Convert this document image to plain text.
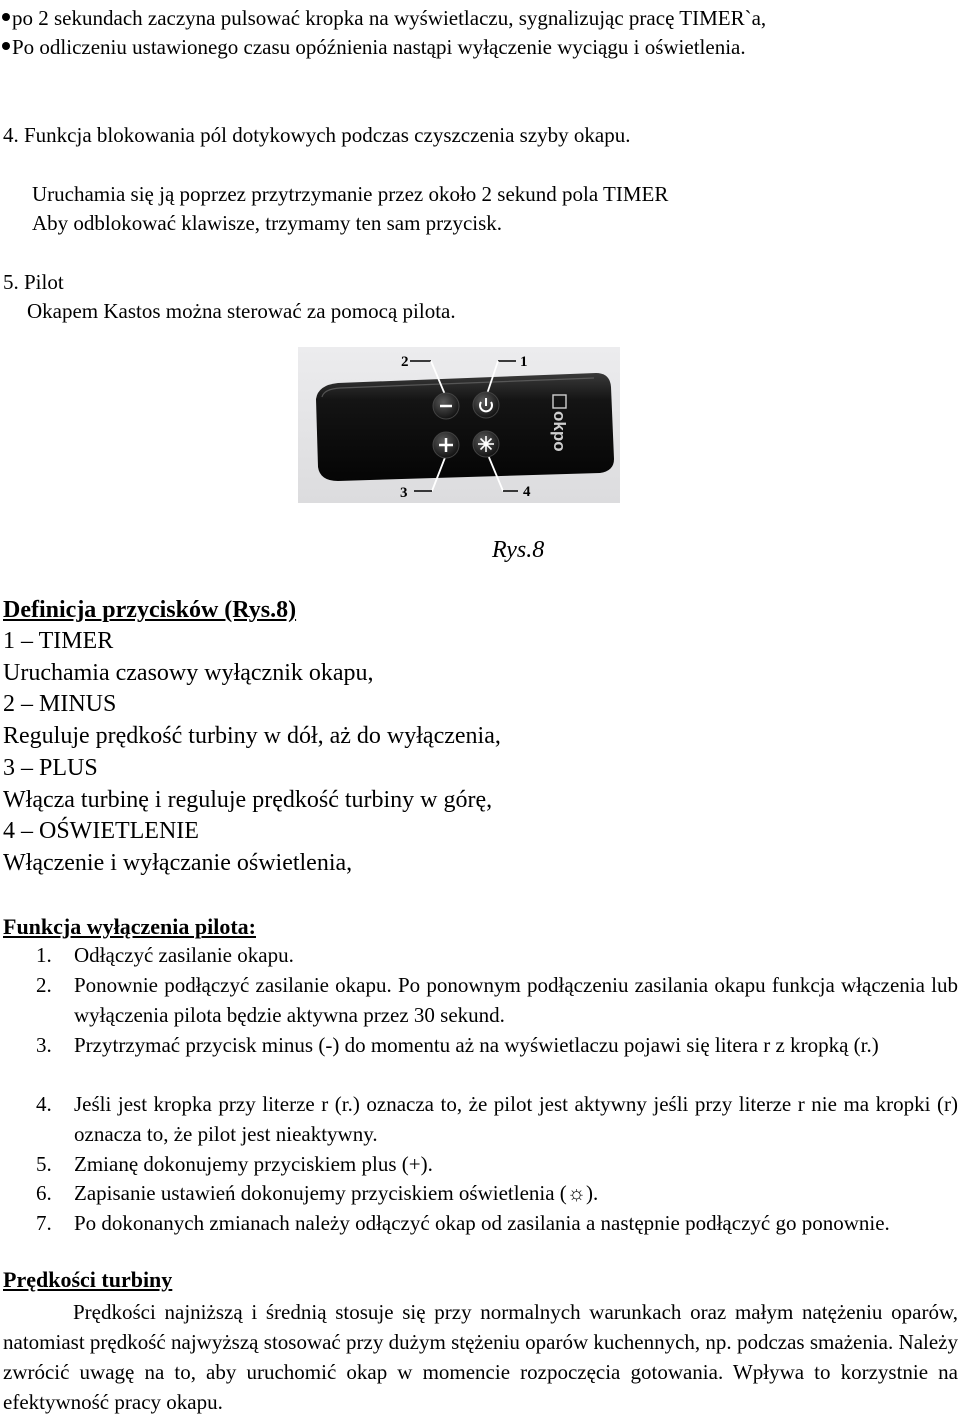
po 2 sekundach zaczyna pulsować kropka na wyświetlaczu, sygnalizując pracę TIMER`a,
Po odliczeniu ustawionego czasu opóźnienia nastąpi wyłączenie wyciągu i oświetlenia.
4. Funkcja blokowania pól dotykowych podczas czyszczenia szyby okapu.
Uruchamia się ją poprzez przytrzymanie przez około 2 sekund pola TIMER
Aby odblokować klawisze, trzymamy ten sam przycisk.
5. Pilot
Okapem Kastos można sterować za pomocą pilota.
okpo
2	1
3	4
Rys.8
Definicja przycisków (Rys.8)
1 – TIMER
Uruchamia czasowy wyłącznik okapu,
2 – MINUS
Reguluje prędkość turbiny w dół, aż do wyłączenia,
3 – PLUS
Włącza turbinę i reguluje prędkość turbiny w górę,
4 – OŚWIETLENIE
Włączenie i wyłączanie oświetlenia,
Funkcja wyłączenia pilota:
1. Odłączyć zasilanie okapu.
2. Ponownie podłączyć zasilanie okapu. Po ponownym podłączeniu zasilania okapu funkcja włączenia lub wyłączenia pilota będzie aktywna przez 30 sekund.
3. Przytrzymać przycisk minus (-) do momentu aż na wyświetlaczu pojawi się litera r z kropką (r.)
4. Jeśli jest kropka przy literze r (r.) oznacza to, że pilot jest aktywny jeśli przy literze r nie ma kropki (r) oznacza to, że pilot jest nieaktywny.
5. Zmianę dokonujemy przyciskiem plus (+).
6. Zapisanie ustawień dokonujemy przyciskiem oświetlenia (☼).
7. Po dokonanych zmianach należy odłączyć okap od zasilania a następnie podłączyć go ponownie.
Prędkości turbiny
Prędkości najniższą i średnią stosuje się przy normalnych warunkach oraz małym natężeniu oparów, natomiast prędkość najwyższą stosować przy dużym stężeniu oparów kuchennych, np. podczas smażenia. Należy zwrócić uwagę na to, aby uruchomić okap w momencie rozpoczęcia gotowania. Wpływa to korzystnie na efektywność pracy okapu.
